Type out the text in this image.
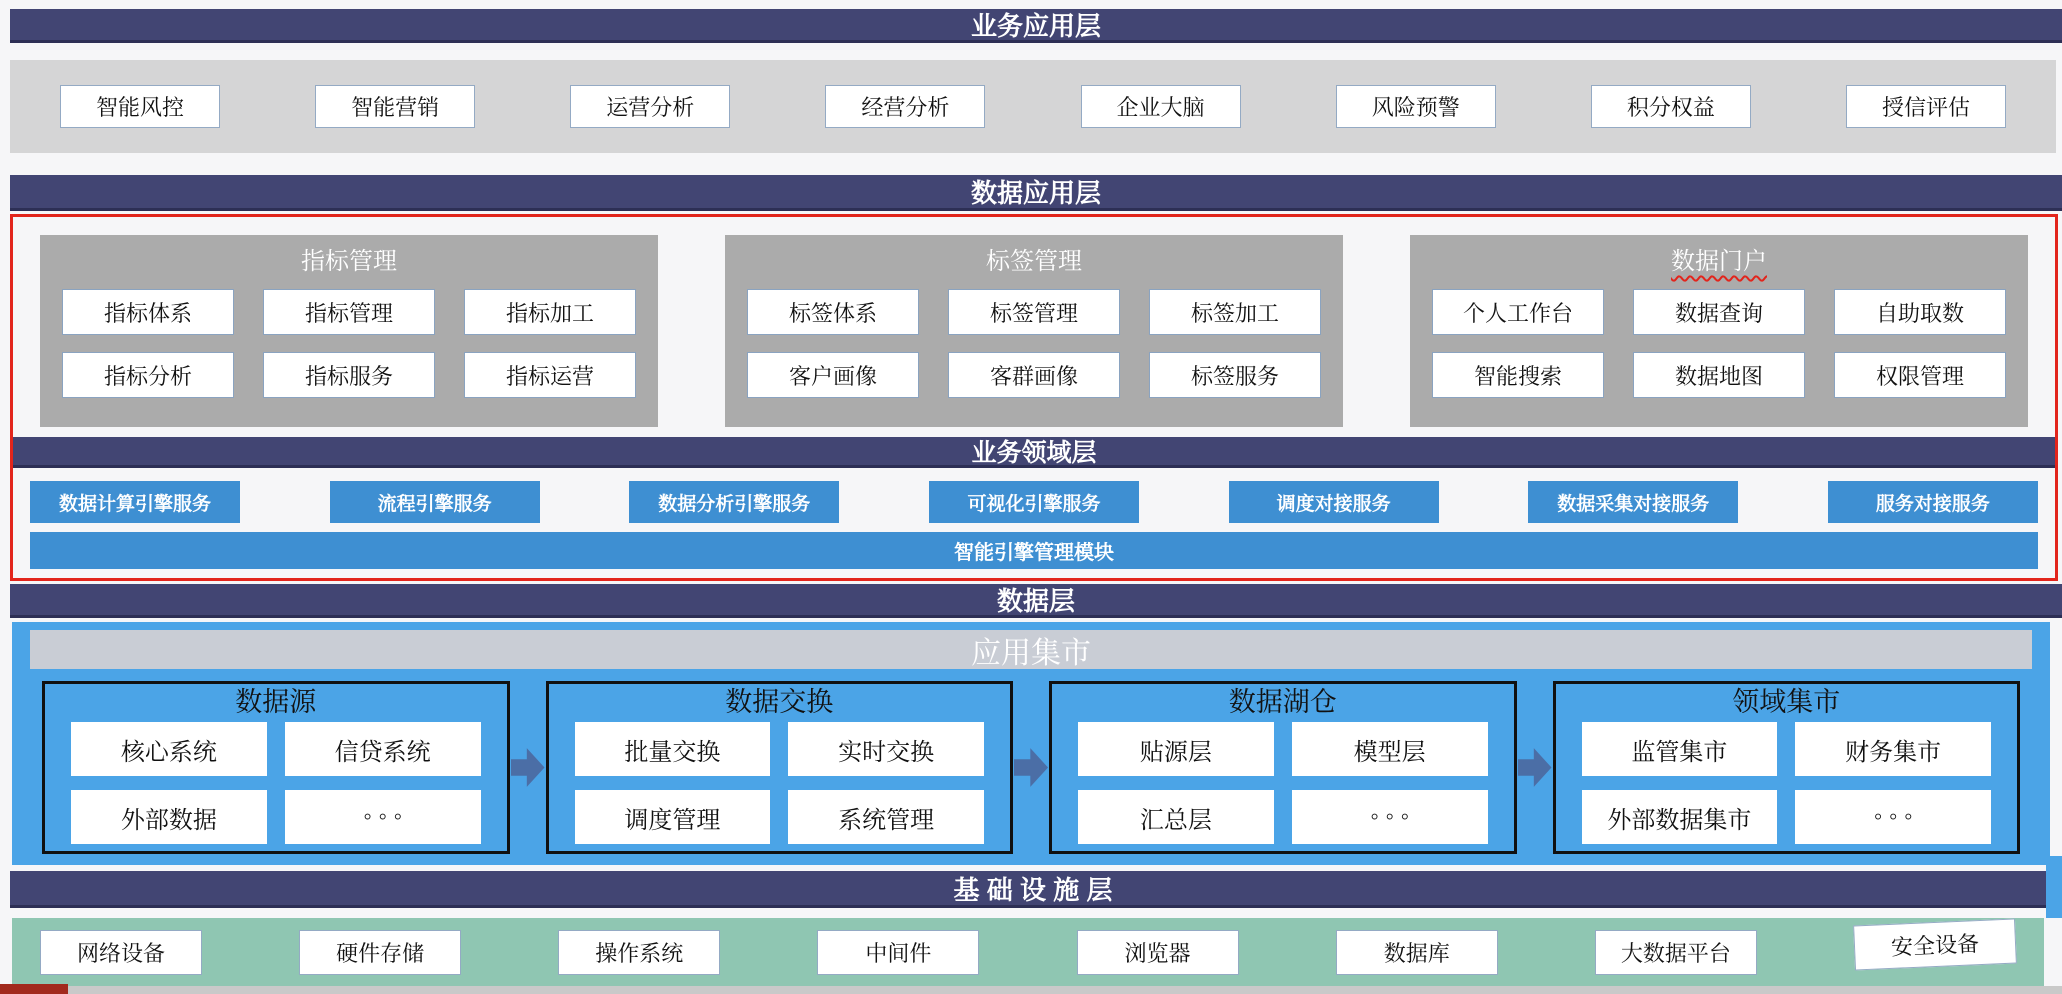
业务应用层
智能风控	智能营销	运营分析	经营分析	企业大脑	风险预警	积分权益	授信评估
数据应用层
指标管理
指标体系	指标管理	指标加工
指标分析	指标服务	指标运营
标签管理
标签体系	标签管理	标签加工
客户画像	客群画像	标签服务
数据门户
个人工作台	数据查询	自助取数
智能搜索	数据地图	权限管理
业务领域层
数据计算引擎服务	流程引擎服务	数据分析引擎服务	可视化引擎服务	调度对接服务	数据采集对接服务	服务对接服务
智能引擎管理模块
数据层
应用集市
数据源
核心系统	信贷系统
外部数据	◦ ◦ ◦
数据交换
批量交换	实时交换
调度管理	系统管理
数据湖仓
贴源层	模型层
汇总层	◦ ◦ ◦
领域集市
监管集市	财务集市
外部数据集市	◦ ◦ ◦
基 础 设 施 层
网络设备	硬件存储	操作系统	中间件	浏览器	数据库	大数据平台	安全设备
